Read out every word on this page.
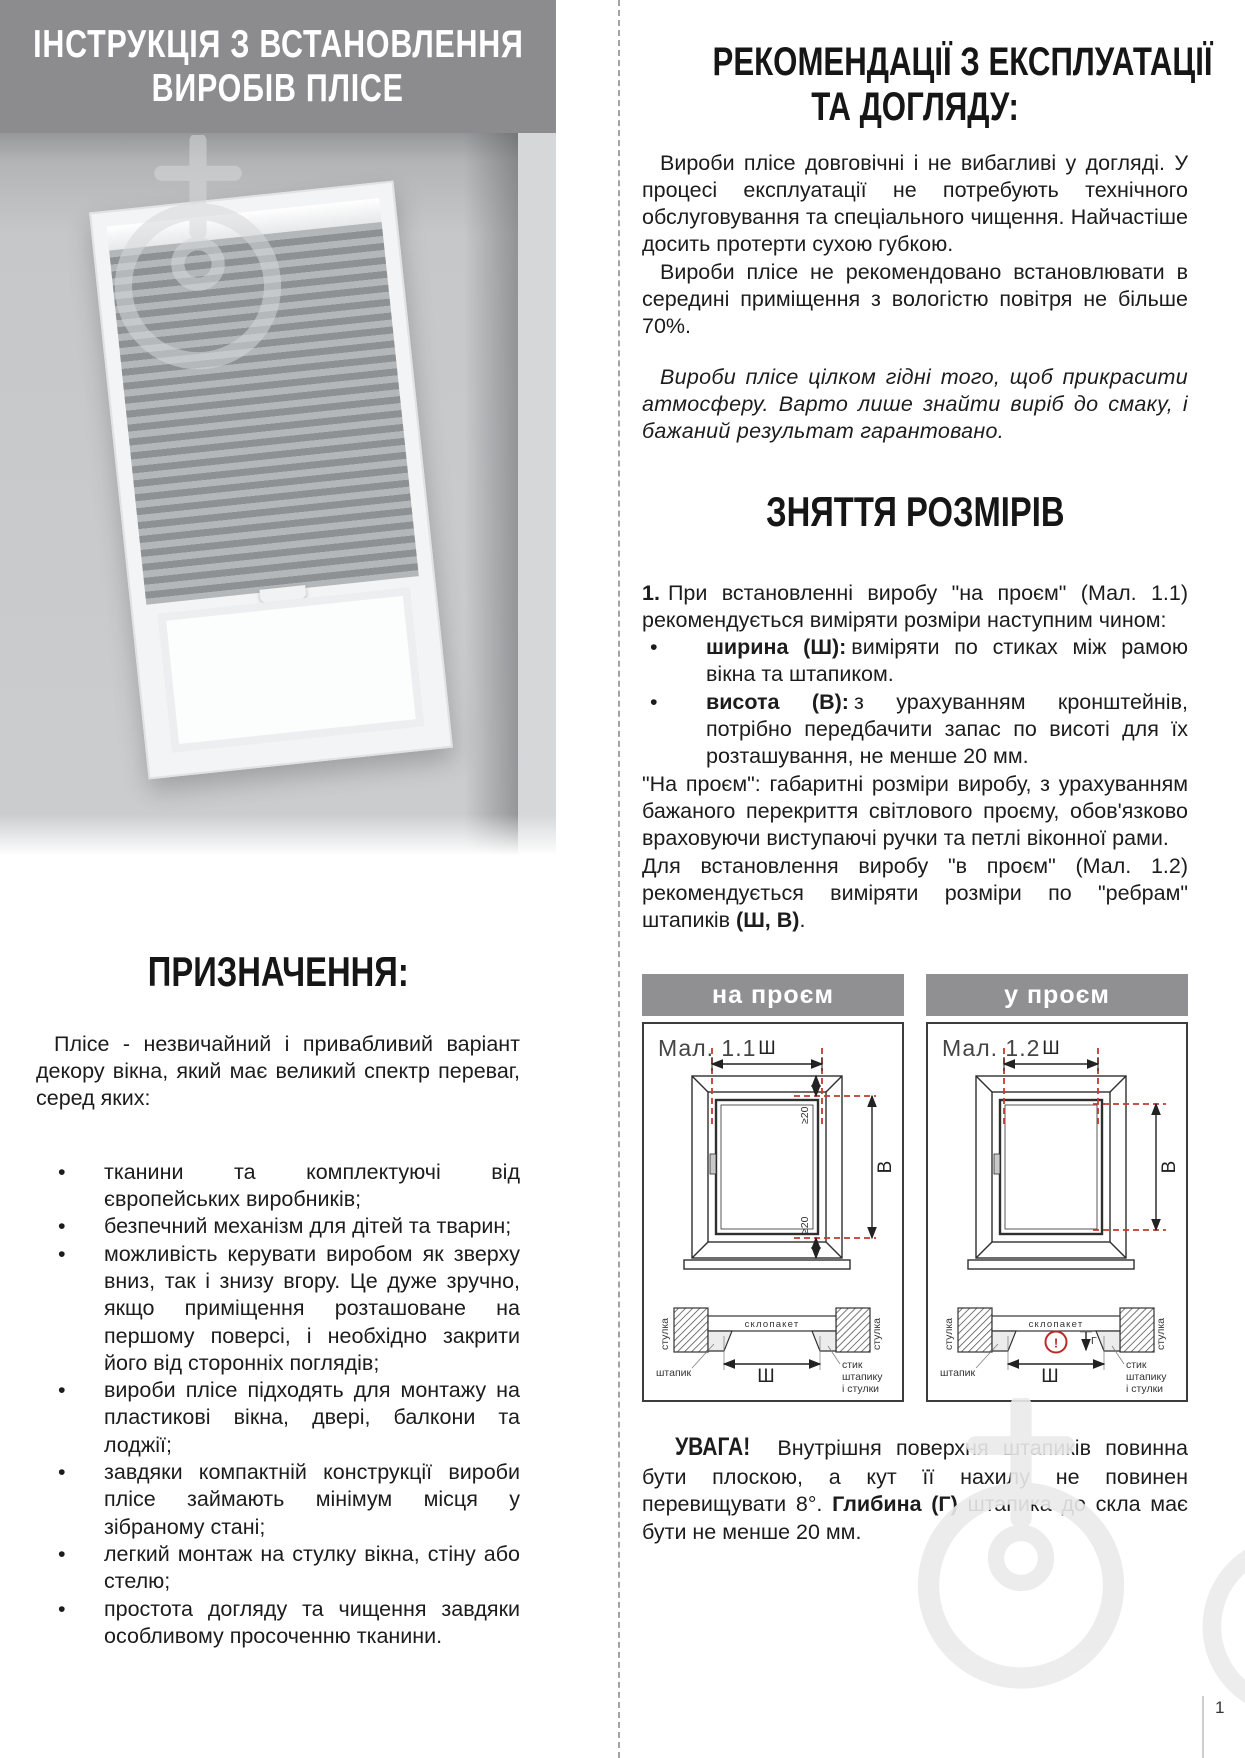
ІНСТРУКЦІЯ З ВСТАНОВЛЕННЯ
ВИРОБІВ ПЛІСЕ
ПРИЗНАЧЕННЯ:

Плісе - незвичайний і привабливий варіант декору вікна, який має великий спектр переваг, серед яких:

• тканини та комплектуючі від європейських виробників;
• безпечний механізм для дітей та тварин;
• можливість керувати виробом як зверху вниз, так і знизу вгору. Це дуже зручно, якщо приміщення розташоване на першому поверсі, і необхідно закрити його від сторонніх поглядів;
• вироби плісе підходять для монтажу на пластикові вікна, двері, балкони та лоджії;
• завдяки компактній конструкції вироби плісе займають мінімум місця у зібраному стані;
• легкий монтаж на стулку вікна, стіну або стелю;
• простота догляду та чищення завдяки особливому просоченню тканини.
РЕКОМЕНДАЦІЇ З ЕКСПЛУАТАЦІЇ
ТА ДОГЛЯДУ:

Вироби плісе довговічні і не вибагливі у догляді. У процесі експлуатації не потребують технічного обслуговування та спеціального чищення. Найчастіше досить протерти сухою губкою.

Вироби плісе не рекомендовано встановлювати в середині приміщення з вологістю повітря не більше 70%.

Вироби плісе цілком гідні того, щоб прикрасити атмосферу. Варто лише знайти виріб до смаку, і бажаний результат гарантовано.

ЗНЯТТЯ РОЗМІРІВ

1. При встановленні виробу "на проєм" (Мал. 1.1) рекомендується виміряти розміри наступним чином:

• ширина (Ш): виміряти по стиках між рамою вікна та штапиком.
• висота (В): з урахуванням кронштейнів, потрібно передбачити запас по висоті для їх розташування, не менше 20 мм.

"На проєм": габаритні розміри виробу, з урахуванням бажаного перекриття світлового проєму, обов'язково враховуючи виступаючі ручки та петлі віконної рами.

Для встановлення виробу "в проєм" (Мал. 1.2) рекомендується виміряти розміри по "ребрам" штапиків (Ш, В).

на проєм
Мал. 1.1 Ш
В
≥20
≥20
склопакет
стулка	стулка
штапик	Ш
стик
штапику
і стулки
у проєм
Мал. 1.2 Ш
В
!	Г
склопакет
стулка	стулка
штапик	Ш
стик
штапику
і стулки

УВАГА! Внутрішня поверхня штапиків повинна бути плоскою, а кут її нахилу не повинен перевищувати 8°. Глибина (Г) штапика до скла має бути не менше 20 мм.

1
